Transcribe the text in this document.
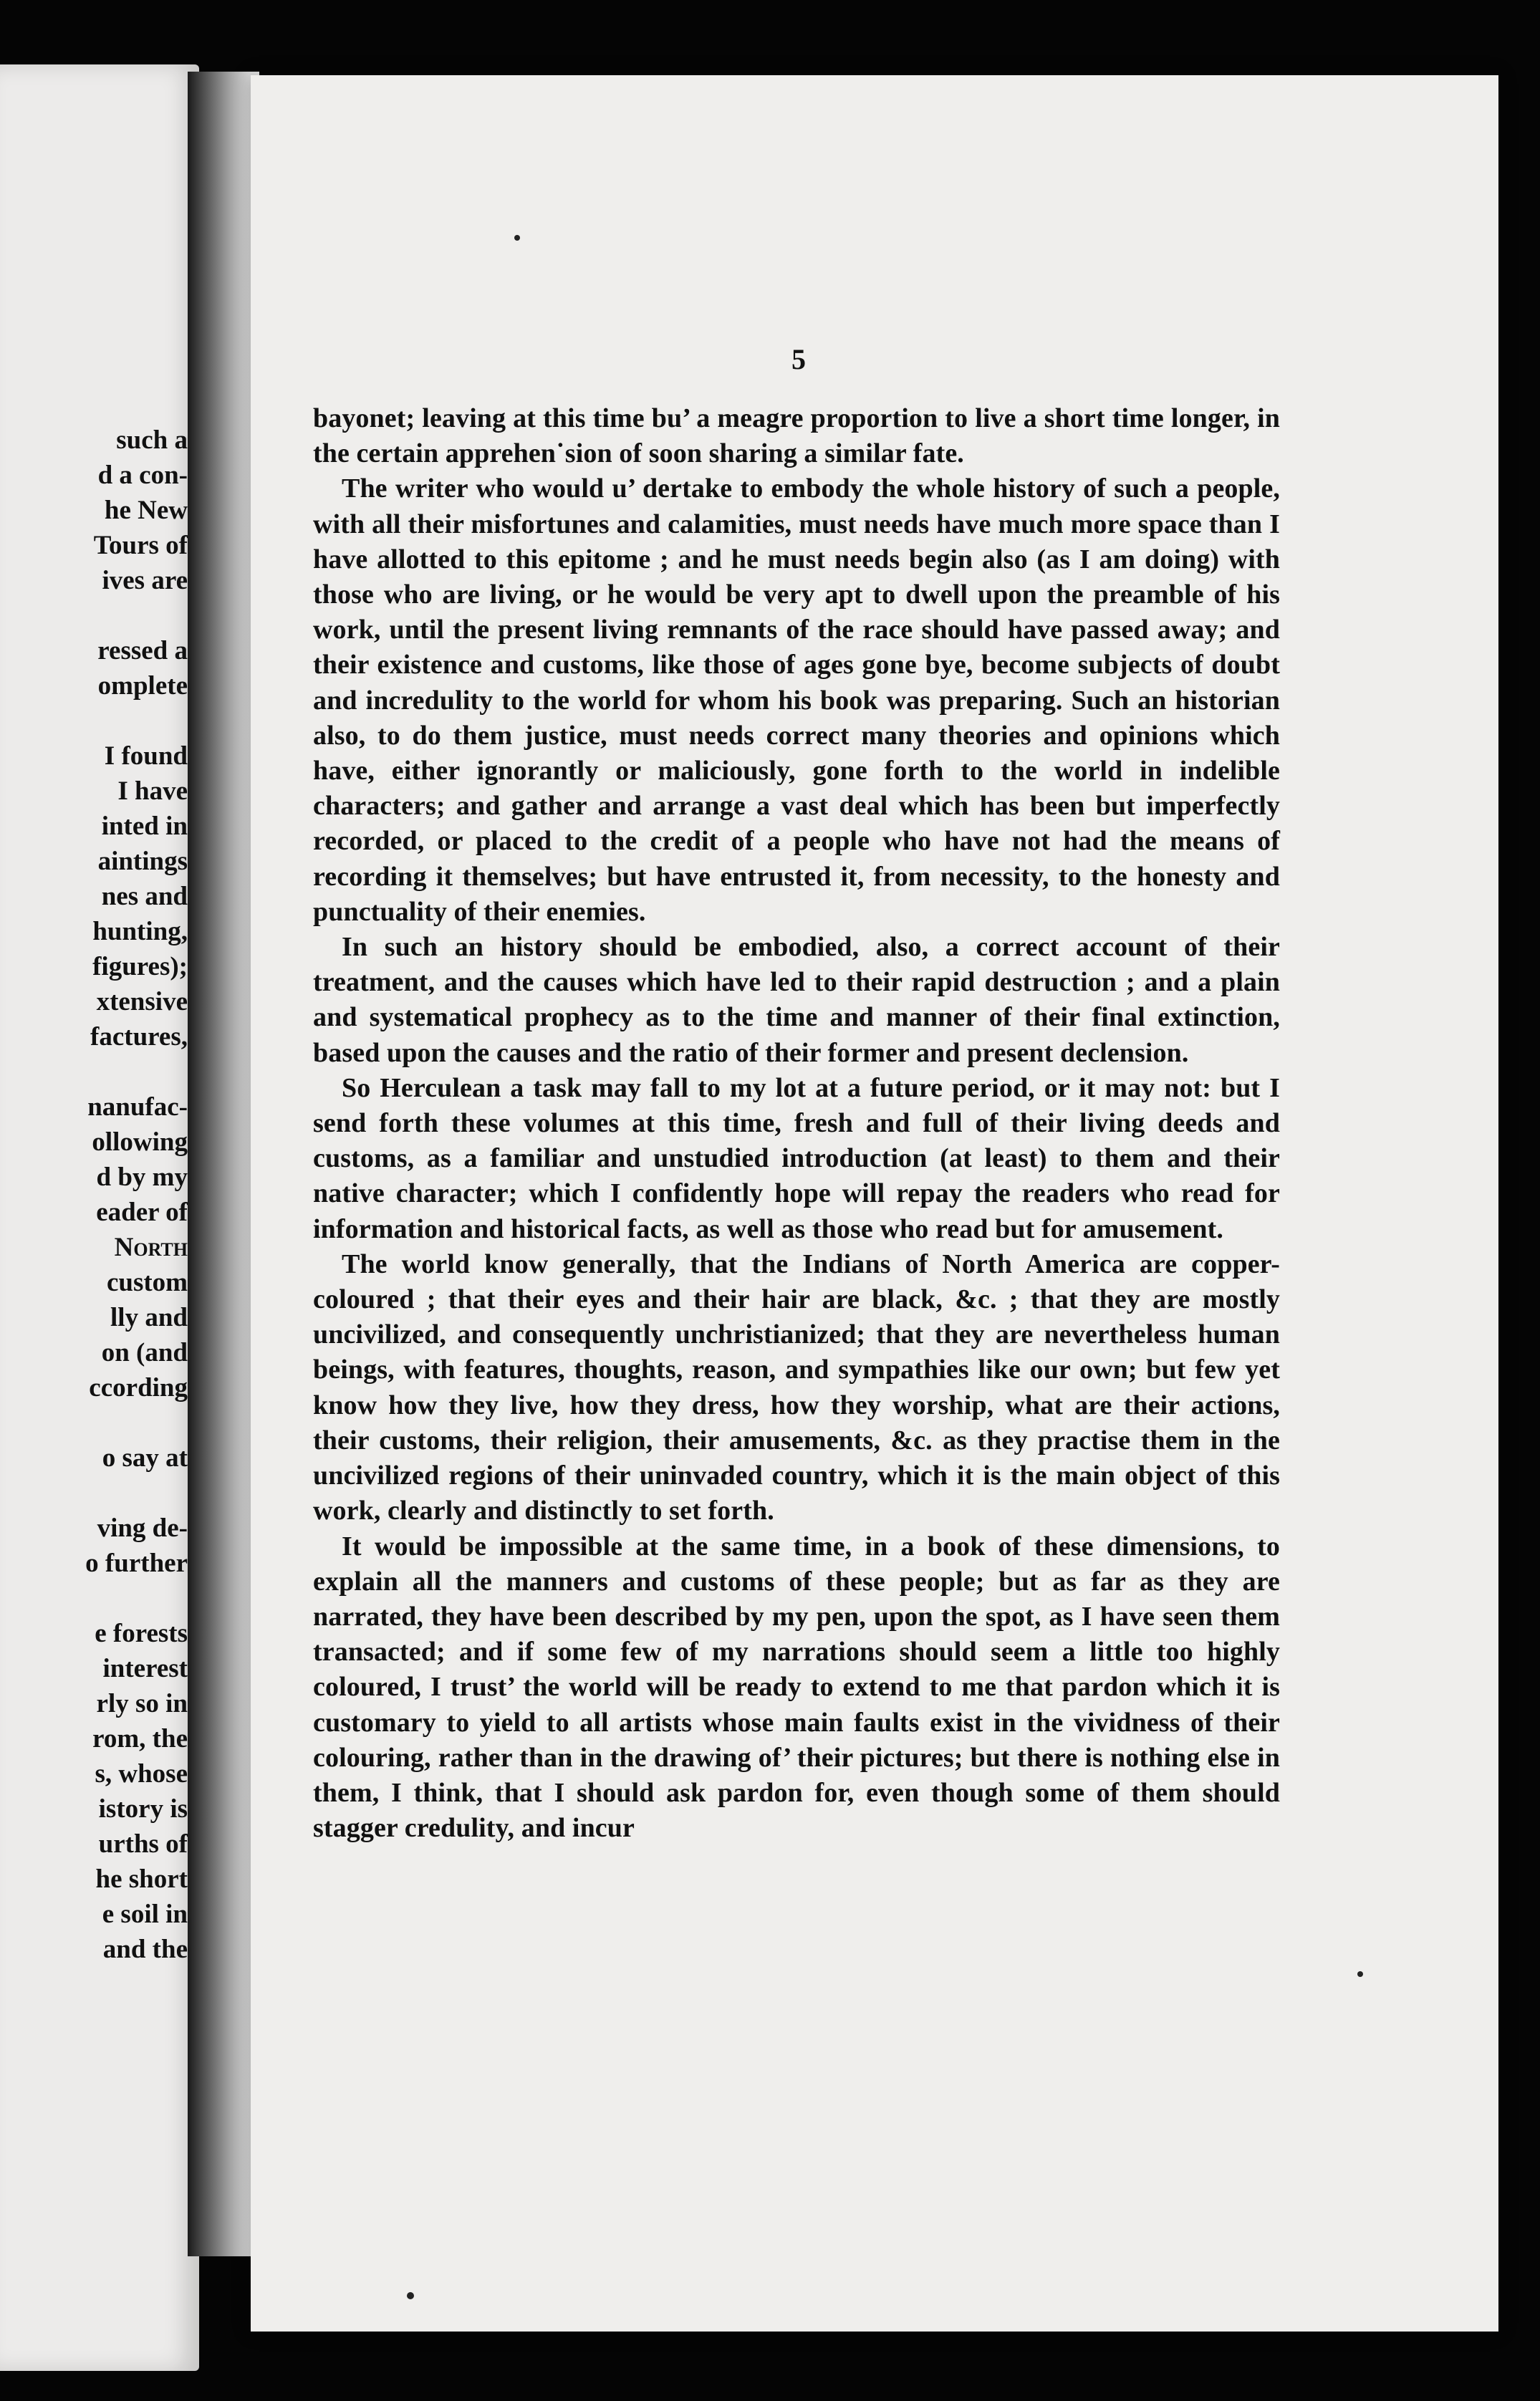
such a
d a con-
he New
Tours of
ives are

ressed a
omplete

I found
I have
inted in
aintings
nes and
hunting,
figures);
xtensive
factures,

nanufac-
ollowing
d by my
eader of
North
custom
lly and
on (and
ccording

o say at

ving de-
o further

e forests
interest
rly so in
rom, the
s, whose
istory is
urths of
he short
e soil in
and the
5

bayonet; leaving at this time bu’ a meagre proportion to live a short time longer, in the certain apprehen˙sion of soon sharing a similar fate.

The writer who would u’ dertake to embody the whole history of such a people, with all their misfortunes and calamities, must needs have much more space than I have allotted to this epitome ; and he must needs begin also (as I am doing) with those who are living, or he would be very apt to dwell upon the preamble of his work, until the present living remnants of the race should have passed away; and their existence and customs, like those of ages gone bye, become subjects of doubt and incredulity to the world for whom his book was preparing. Such an historian also, to do them justice, must needs correct many theories and opinions which have, either ignorantly or maliciously, gone forth to the world in indelible characters; and gather and arrange a vast deal which has been but imperfectly recorded, or placed to the credit of a people who have not had the means of recording it themselves; but have entrusted it, from necessity, to the honesty and punctuality of their enemies.

In such an history should be embodied, also, a correct account of their treatment, and the causes which have led to their rapid destruction ; and a plain and systematical prophecy as to the time and manner of their final extinction, based upon the causes and the ratio of their former and present declension.

So Herculean a task may fall to my lot at a future period, or it may not: but I send forth these volumes at this time, fresh and full of their living deeds and customs, as a familiar and unstudied introduction (at least) to them and their native character; which I confidently hope will repay the readers who read for information and historical facts, as well as those who read but for amusement.

The world know generally, that the Indians of North America are copper-coloured ; that their eyes and their hair are black, &c. ; that they are mostly uncivilized, and consequently unchristianized; that they are nevertheless human beings, with features, thoughts, reason, and sympathies like our own; but few yet know how they live, how they dress, how they worship, what are their actions, their customs, their religion, their amusements, &c. as they practise them in the uncivilized regions of their uninvaded country, which it is the main object of this work, clearly and distinctly to set forth.

It would be impossible at the same time, in a book of these dimensions, to explain all the manners and customs of these people; but as far as they are narrated, they have been described by my pen, upon the spot, as I have seen them transacted; and if some few of my narrations should seem a little too highly coloured, I trust’ the world will be ready to extend to me that pardon which it is customary to yield to all artists whose main faults exist in the vividness of their colouring, rather than in the drawing of’ their pictures; but there is nothing else in them, I think, that I should ask pardon for, even though some of them should stagger credulity, and incur
